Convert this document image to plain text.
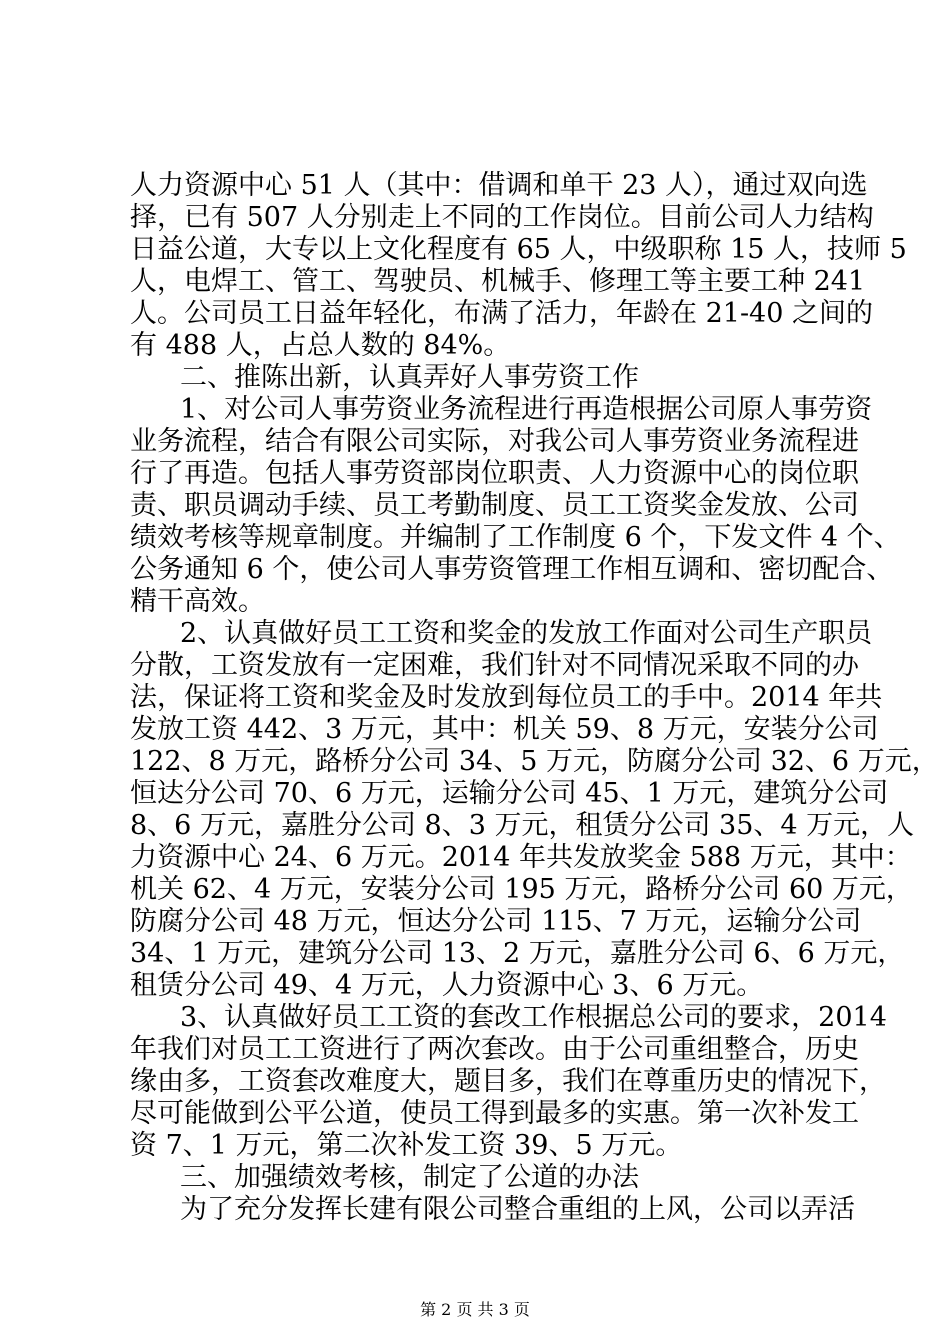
人力资源中心 51 人（其中：借调和单干 23 人），通过双向选
择，已有 507 人分别走上不同的工作岗位。目前公司人力结构
日益公道，大专以上文化程度有 65 人，中级职称 15 人，技师 5
人，电焊工、管工、驾驶员、机械手、修理工等主要工种 241
人。公司员工日益年轻化，布满了活力，年龄在 21-40 之间的
有 488 人，占总人数的 84%。
二、推陈出新，认真弄好人事劳资工作
1、对公司人事劳资业务流程进行再造根据公司原人事劳资
业务流程，结合有限公司实际，对我公司人事劳资业务流程进
行了再造。包括人事劳资部岗位职责、人力资源中心的岗位职
责、职员调动手续、员工考勤制度、员工工资奖金发放、公司
绩效考核等规章制度。并编制了工作制度 6 个，下发文件 4 个、
公务通知 6 个，使公司人事劳资管理工作相互调和、密切配合、
精干高效。
2、认真做好员工工资和奖金的发放工作面对公司生产职员
分散，工资发放有一定困难，我们针对不同情况采取不同的办
法，保证将工资和奖金及时发放到每位员工的手中。2014 年共
发放工资 442、3 万元，其中：机关 59、8 万元，安装分公司
122、8 万元，路桥分公司 34、5 万元，防腐分公司 32、6 万元，
恒达分公司 70、6 万元，运输分公司 45、1 万元，建筑分公司
8、6 万元，嘉胜分公司 8、3 万元，租赁分公司 35、4 万元，人
力资源中心 24、6 万元。2014 年共发放奖金 588 万元，其中：
机关 62、4 万元，安装分公司 195 万元，路桥分公司 60 万元，
防腐分公司 48 万元，恒达分公司 115、7 万元，运输分公司
34、1 万元，建筑分公司 13、2 万元，嘉胜分公司 6、6 万元，
租赁分公司 49、4 万元，人力资源中心 3、6 万元。
3、认真做好员工工资的套改工作根据总公司的要求，2014
年我们对员工工资进行了两次套改。由于公司重组整合，历史
缘由多，工资套改难度大，题目多，我们在尊重历史的情况下，
尽可能做到公平公道，使员工得到最多的实惠。第一次补发工
资 7、1 万元，第二次补发工资 39、5 万元。
三、加强绩效考核，制定了公道的办法
为了充分发挥长建有限公司整合重组的上风，公司以弄活
第 2 页 共 3 页
